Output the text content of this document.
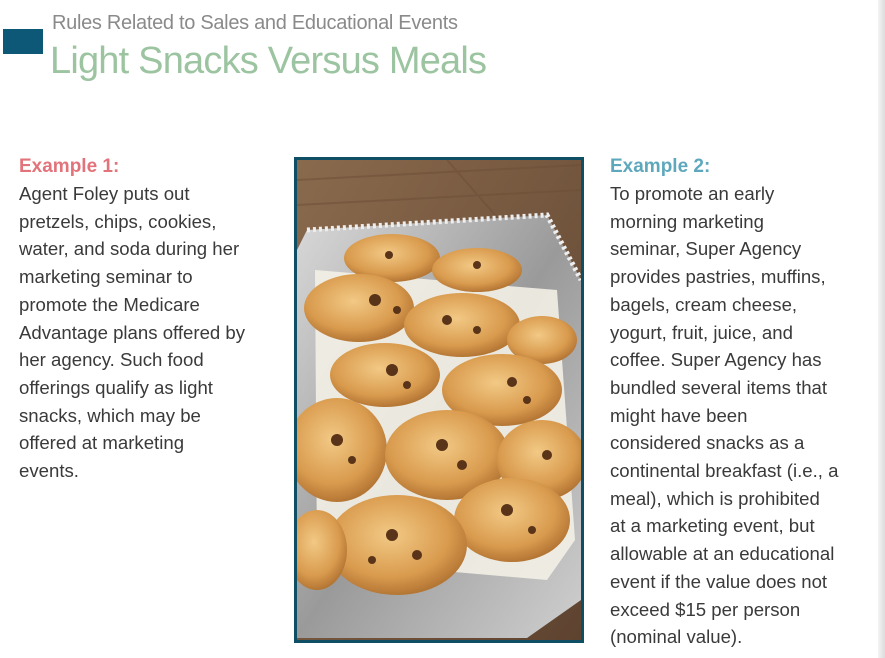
Rules Related to Sales and Educational Events
Light Snacks Versus Meals
Example 1:
Agent Foley puts out
pretzels, chips, cookies,
water, and soda during her
marketing seminar to
promote the Medicare
Advantage plans offered by
her agency. Such food
offerings qualify as light
snacks, which may be
offered at marketing
events.
Example 2:
To promote an early
morning marketing
seminar, Super Agency
provides pastries, muffins,
bagels, cream cheese,
yogurt, fruit, juice, and
coffee. Super Agency has
bundled several items that
might have been
considered snacks as a
continental breakfast (i.e., a
meal), which is prohibited
at a marketing event, but
allowable at an educational
event if the value does not
exceed $15 per person
(nominal value).
